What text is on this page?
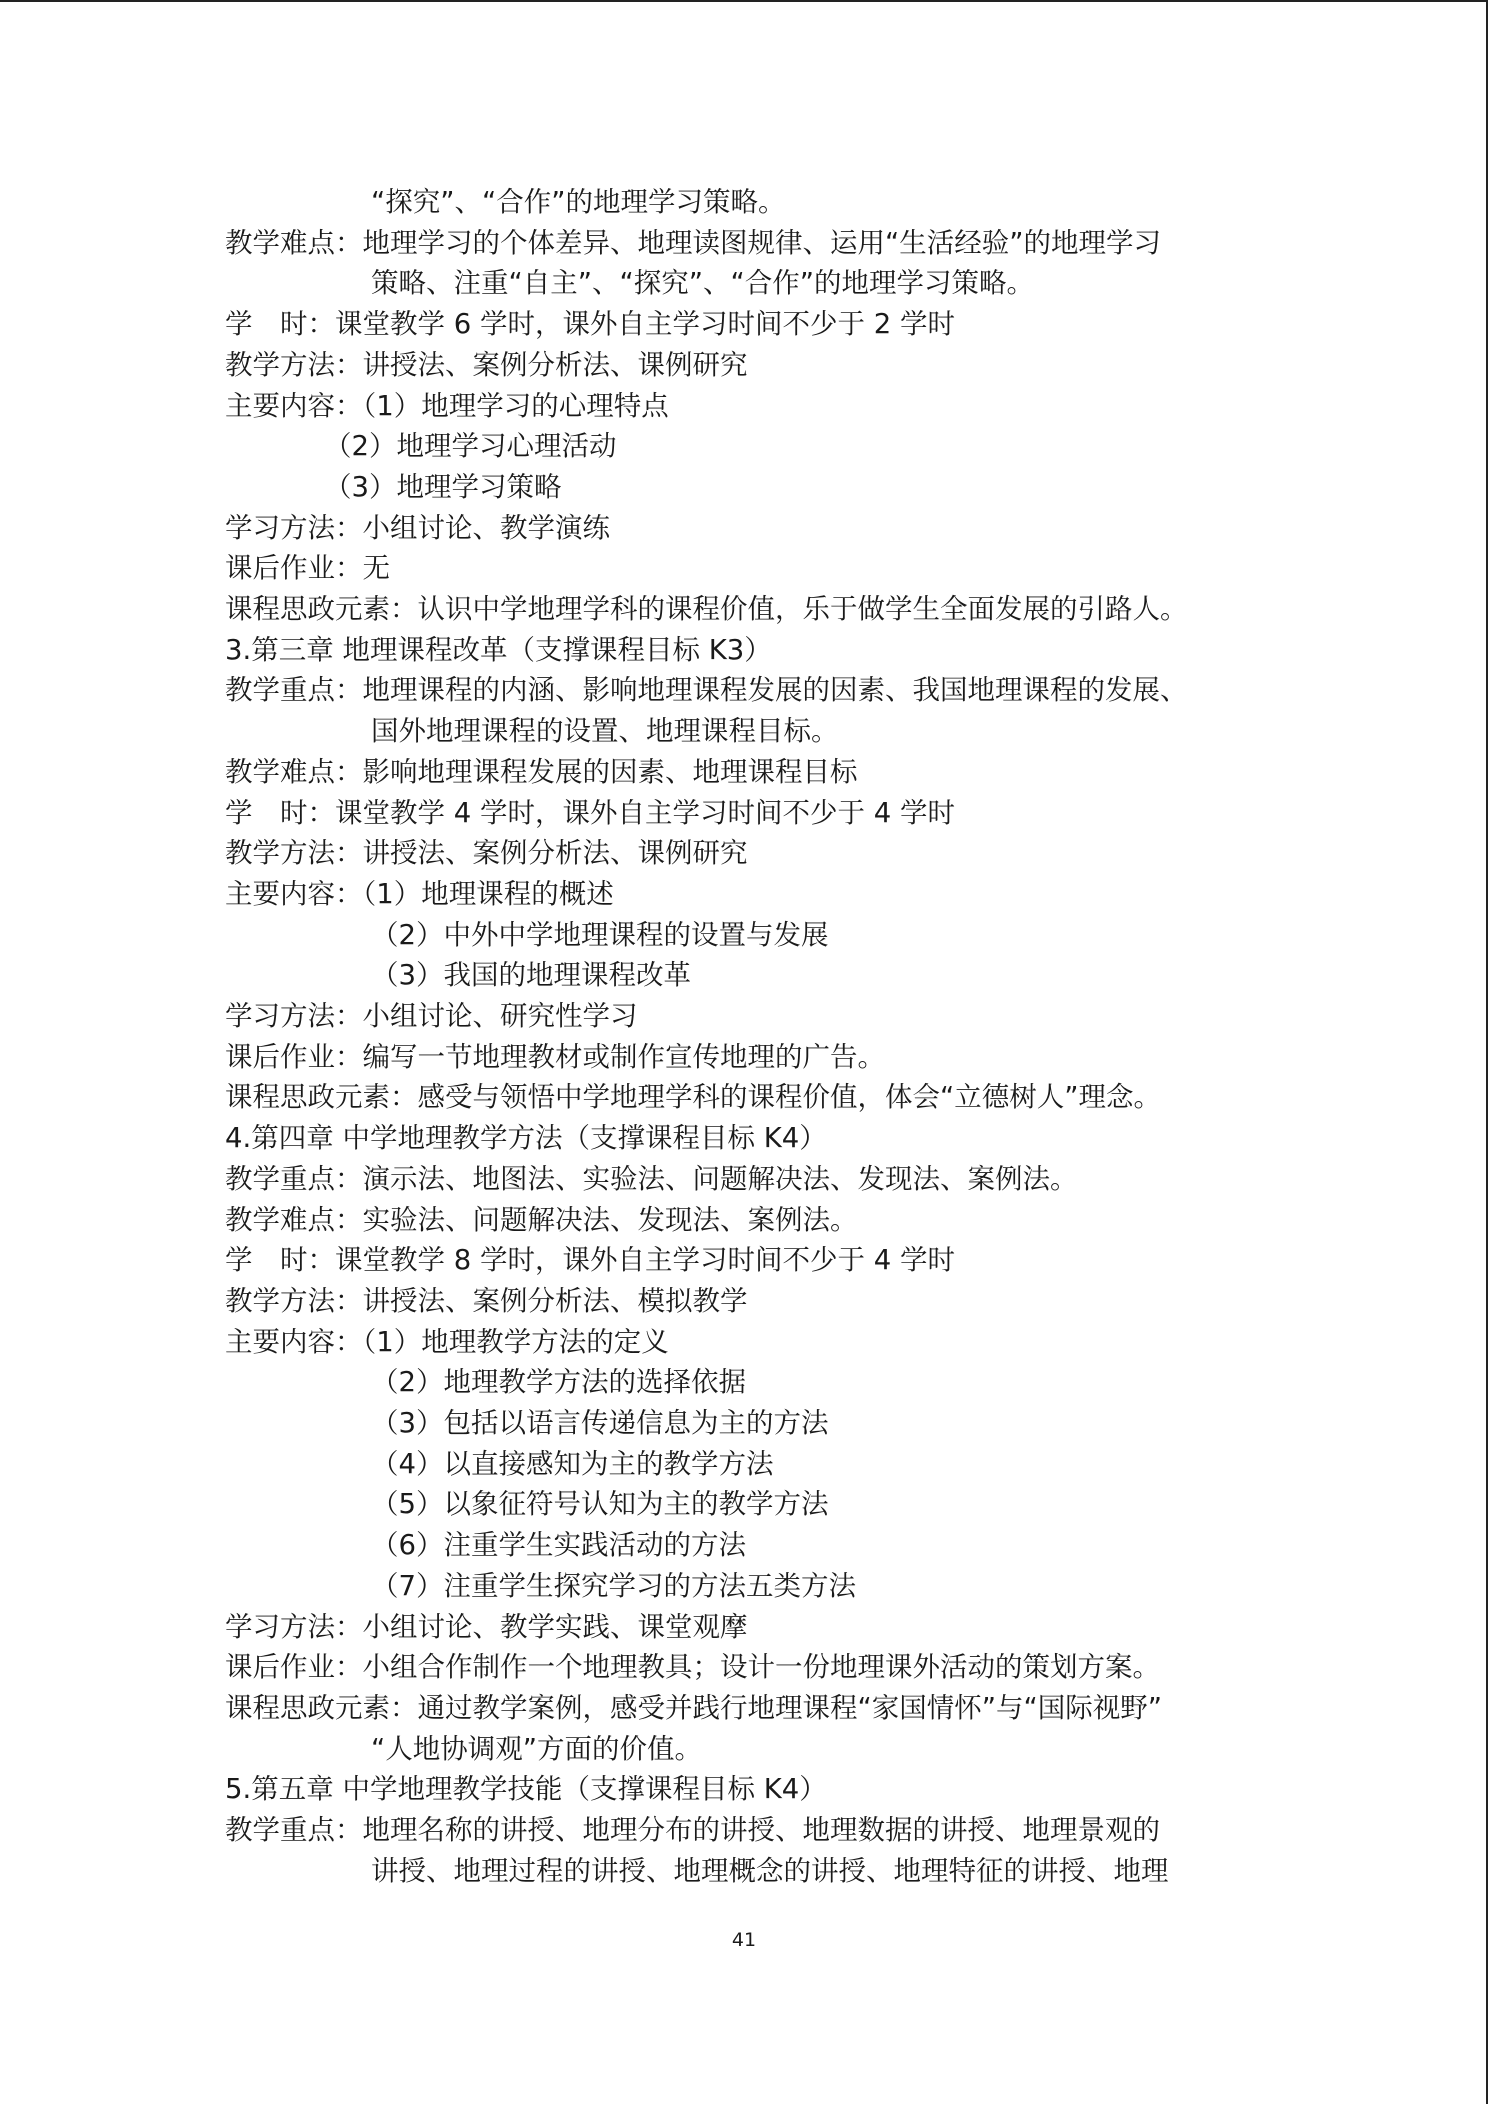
“探究”、“合作”的地理学习策略。
教学难点：地理学习的个体差异、地理读图规律、运用“生活经验”的地理学习
策略、注重“自主”、“探究”、“合作”的地理学习策略。
学　时：课堂教学 6 学时，课外自主学习时间不少于 2 学时
教学方法：讲授法、案例分析法、课例研究
主要内容：（1）地理学习的心理特点
（2）地理学习心理活动
（3）地理学习策略
学习方法：小组讨论、教学演练
课后作业：无
课程思政元素：认识中学地理学科的课程价值，乐于做学生全面发展的引路人。
3.第三章 地理课程改革（支撑课程目标 K3）
教学重点：地理课程的内涵、影响地理课程发展的因素、我国地理课程的发展、
国外地理课程的设置、地理课程目标。
教学难点：影响地理课程发展的因素、地理课程目标
学　时：课堂教学 4 学时，课外自主学习时间不少于 4 学时
教学方法：讲授法、案例分析法、课例研究
主要内容：（1）地理课程的概述
（2）中外中学地理课程的设置与发展
（3）我国的地理课程改革
学习方法：小组讨论、研究性学习
课后作业：编写一节地理教材或制作宣传地理的广告。
课程思政元素：感受与领悟中学地理学科的课程价值，体会“立德树人”理念。
4.第四章 中学地理教学方法（支撑课程目标 K4）
教学重点：演示法、地图法、实验法、问题解决法、发现法、案例法。
教学难点：实验法、问题解决法、发现法、案例法。
学　时：课堂教学 8 学时，课外自主学习时间不少于 4 学时
教学方法：讲授法、案例分析法、模拟教学
主要内容：（1）地理教学方法的定义
（2）地理教学方法的选择依据
（3）包括以语言传递信息为主的方法
（4）以直接感知为主的教学方法
（5）以象征符号认知为主的教学方法
（6）注重学生实践活动的方法
（7）注重学生探究学习的方法五类方法
学习方法：小组讨论、教学实践、课堂观摩
课后作业：小组合作制作一个地理教具；设计一份地理课外活动的策划方案。
课程思政元素：通过教学案例，感受并践行地理课程“家国情怀”与“国际视野”
“人地协调观”方面的价值。
5.第五章 中学地理教学技能（支撑课程目标 K4）
教学重点：地理名称的讲授、地理分布的讲授、地理数据的讲授、地理景观的
讲授、地理过程的讲授、地理概念的讲授、地理特征的讲授、地理
41
